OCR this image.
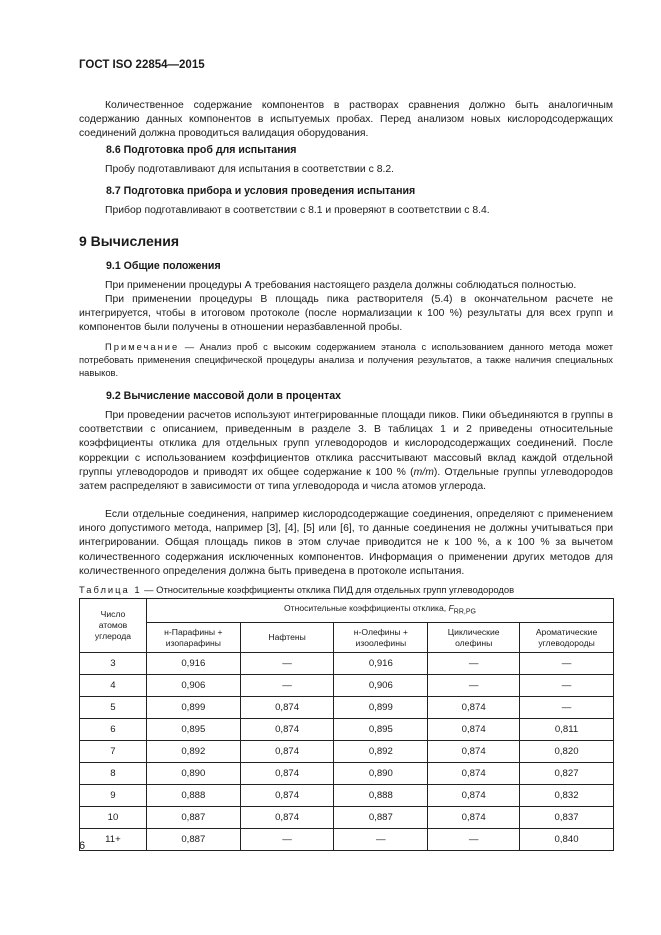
ГОСТ ISO 22854—2015
Количественное содержание компонентов в растворах сравнения должно быть аналогичным содержанию данных компонентов в испытуемых пробах. Перед анализом новых кислородсодержащих соединений должна проводиться валидация оборудования.
8.6 Подготовка проб для испытания
Пробу подготавливают для испытания в соответствии с 8.2.
8.7 Подготовка прибора и условия проведения испытания
Прибор подготавливают в соответствии с 8.1 и проверяют в соответствии с 8.4.
9 Вычисления
9.1 Общие положения
При применении процедуры А требования настоящего раздела должны соблюдаться полностью.
При применении процедуры В площадь пика растворителя (5.4) в окончательном расчете не интегрируется, чтобы в итоговом протоколе (после нормализации к 100 %) результаты для всех групп и компонентов были получены в отношении неразбавленной пробы.
Примечание — Анализ проб с высоким содержанием этанола с использованием данного метода может потребовать применения специфической процедуры анализа и получения результатов, а также наличия специальных навыков.
9.2 Вычисление массовой доли в процентах
При проведении расчетов используют интегрированные площади пиков. Пики объединяются в группы в соответствии с описанием, приведенным в разделе 3. В таблицах 1 и 2 приведены относительные коэффициенты отклика для отдельных групп углеводородов и кислородсодержащих соединений. После коррекции с использованием коэффициентов отклика рассчитывают массовый вклад каждой отдельной группы углеводородов и приводят их общее содержание к 100 % (m/m). Отдельные группы углеводородов затем распределяют в зависимости от типа углеводорода и числа атомов углерода.
Если отдельные соединения, например кислородсодержащие соединения, определяют с применением иного допустимого метода, например [3], [4], [5] или [6], то данные соединения не должны учитываться при интегрировании. Общая площадь пиков в этом случае приводится не к 100 %, а к 100 % за вычетом количественного содержания исключенных компонентов. Информация о применении других методов для количественного определения должна быть приведена в протоколе испытания.
Таблица 1 — Относительные коэффициенты отклика ПИД для отдельных групп углеводородов
Число атомов углерода	Относительные коэффициенты отклика, $F_{RR,PG}$
	н-Парафины + изопарафины	Нафтены	н-Олефины + изоолефины	Циклические олефины	Ароматические углеводороды
3	0,916	—	0,916	—	—
4	0,906	—	0,906	—	—
5	0,899	0,874	0,899	0,874	—
6	0,895	0,874	0,895	0,874	0,811
7	0,892	0,874	0,892	0,874	0,820
8	0,890	0,874	0,890	0,874	0,827
9	0,888	0,874	0,888	0,874	0,832
10	0,887	0,874	0,887	0,874	0,837
11+	0,887	—	—	—	0,840
6
